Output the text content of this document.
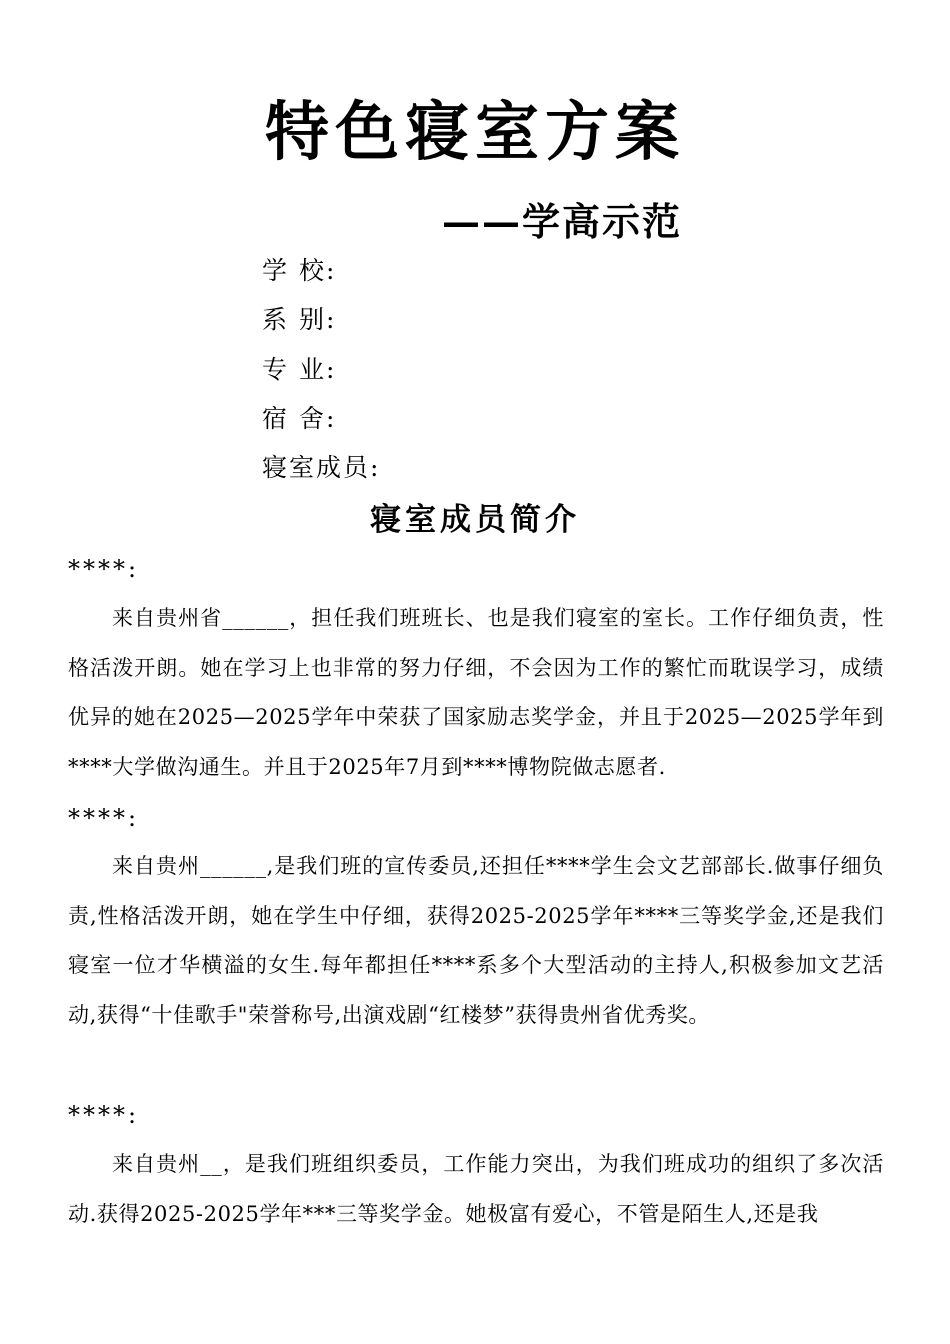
特色寝室方案
——学高示范
学 校:
系 别:
专 业:
宿 舍:
寝室成员:
寝室成员简介
****:
来自贵州省______，担任我们班班长、也是我们寝室的室长。工作仔细负责，性格活泼开朗。她在学习上也非常的努力仔细，不会因为工作的繁忙而耽误学习，成绩优异的她在2025—2025学年中荣获了国家励志奖学金，并且于2025—2025学年到****大学做沟通生。并且于2025年7月到****博物院做志愿者.
****:
来自贵州______,是我们班的宣传委员,还担任****学生会文艺部部长.做事仔细负责,性格活泼开朗，她在学生中仔细，获得2025-2025学年****三等奖学金,还是我们寝室一位才华横溢的女生.每年都担任****系多个大型活动的主持人,积极参加文艺活动,获得“十佳歌手"荣誉称号,出演戏剧“红楼梦”获得贵州省优秀奖。
****:
来自贵州__，是我们班组织委员，工作能力突出，为我们班成功的组织了多次活动.获得2025-2025学年***三等奖学金。她极富有爱心，不管是陌生人,还是我
